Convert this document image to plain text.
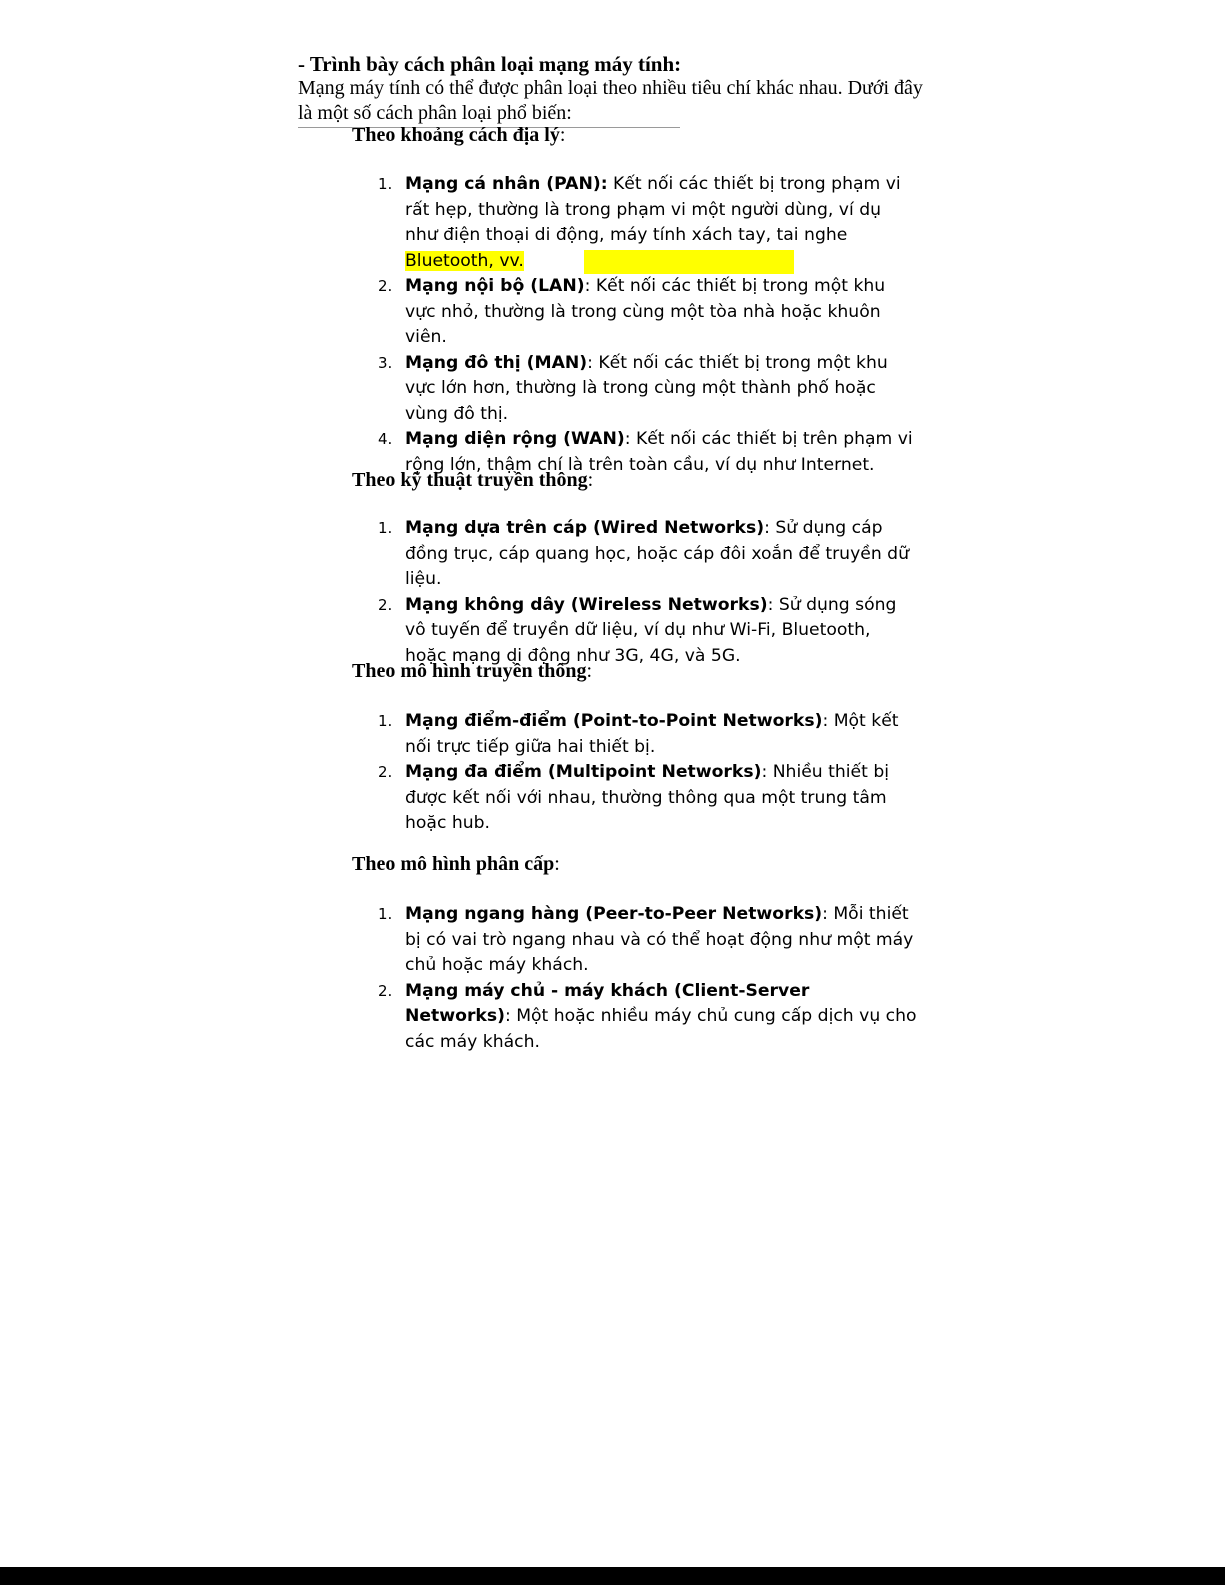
- Trình bày cách phân loại mạng máy tính:
Mạng máy tính có thể được phân loại theo nhiều tiêu chí khác nhau. Dưới đây là một số cách phân loại phổ biến:
Theo khoảng cách địa lý:
1. Mạng cá nhân (PAN): Kết nối các thiết bị trong phạm vi rất hẹp, thường là trong phạm vi một người dùng, ví dụ như điện thoại di động, máy tính xách tay, tai nghe Bluetooth, vv.
2. Mạng nội bộ (LAN): Kết nối các thiết bị trong một khu vực nhỏ, thường là trong cùng một tòa nhà hoặc khuôn viên.
3. Mạng đô thị (MAN): Kết nối các thiết bị trong một khu vực lớn hơn, thường là trong cùng một thành phố hoặc vùng đô thị.
4. Mạng diện rộng (WAN): Kết nối các thiết bị trên phạm vi rộng lớn, thậm chí là trên toàn cầu, ví dụ như Internet.
Theo kỹ thuật truyền thông:
1. Mạng dựa trên cáp (Wired Networks): Sử dụng cáp đồng trục, cáp quang học, hoặc cáp đôi xoắn để truyền dữ liệu.
2. Mạng không dây (Wireless Networks): Sử dụng sóng vô tuyến để truyền dữ liệu, ví dụ như Wi-Fi, Bluetooth, hoặc mạng di động như 3G, 4G, và 5G.
Theo mô hình truyền thông:
1. Mạng điểm-điểm (Point-to-Point Networks): Một kết nối trực tiếp giữa hai thiết bị.
2. Mạng đa điểm (Multipoint Networks): Nhiều thiết bị được kết nối với nhau, thường thông qua một trung tâm hoặc hub.
Theo mô hình phân cấp:
1. Mạng ngang hàng (Peer-to-Peer Networks): Mỗi thiết bị có vai trò ngang nhau và có thể hoạt động như một máy chủ hoặc máy khách.
2. Mạng máy chủ - máy khách (Client-Server Networks): Một hoặc nhiều máy chủ cung cấp dịch vụ cho các máy khách.
